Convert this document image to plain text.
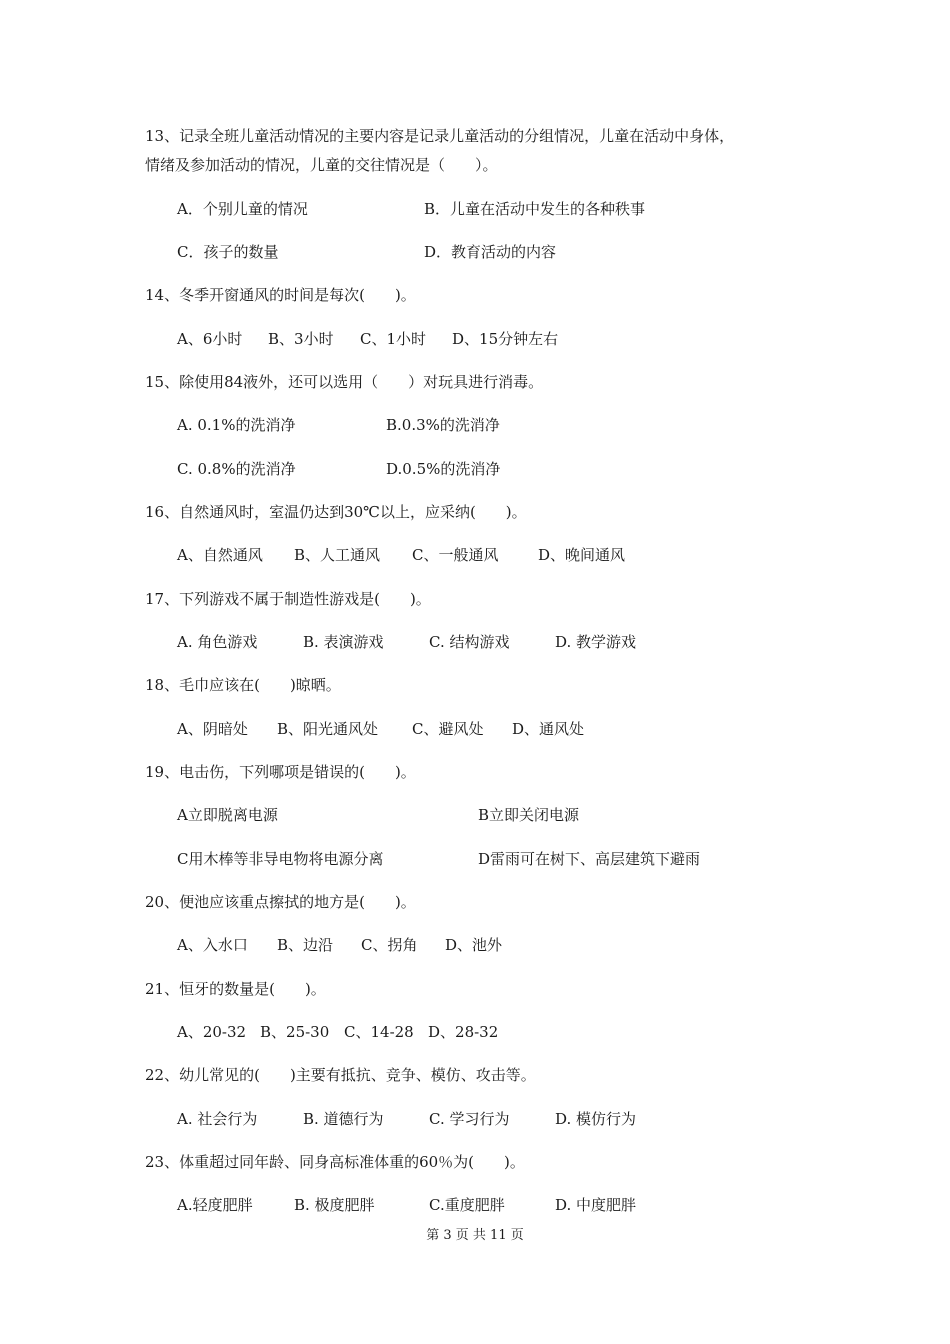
13、记录全班儿童活动情况的主要内容是记录儿童活动的分组情况，儿童在活动中身体，
情绪及参加活动的情况，儿童的交往情况是（　　）。
A．个别儿童的情况	B．儿童在活动中发生的各种秩事
C．孩子的数量	D．教育活动的内容
14、冬季开窗通风的时间是每次(　　)。
A、6小时 B、3小时 C、1小时 D、15分钟左右
15、除使用84液外，还可以选用（　　）对玩具进行消毒。
A. 0.1%的洗消净	B.0.3%的洗消净
C. 0.8%的洗消净	D.0.5%的洗消净
16、自然通风时，室温仍达到30℃以上，应采纳(　　)。
A、自然通风 B、人工通风 C、一般通风	D、晚间通风
17、下列游戏不属于制造性游戏是(　　)。
A. 角色游戏	B. 表演游戏	C. 结构游戏	D. 教学游戏
18、毛巾应该在(　　)晾晒。
A、阴暗处 B、阳光通风处 C、避风处 D、通风处
19、电击伤，下列哪项是错误的(　　)。
A立即脱离电源	B立即关闭电源
C用木棒等非导电物将电源分离	D雷雨可在树下、高层建筑下避雨
20、便池应该重点擦拭的地方是(　　)。
A、入水口 B、边沿 C、拐角 D、池外
21、恒牙的数量是(　　)。
A、20-32 B、25-30 C、14-28 D、28-32
22、幼儿常见的(　　)主要有抵抗、竞争、模仿、攻击等。
A. 社会行为	B. 道德行为	C. 学习行为	D. 模仿行为
23、体重超过同年龄、同身高标准体重的60％为(　　)。
A.轻度肥胖	B. 极度肥胖	C.重度肥胖	D. 中度肥胖
第 3 页 共 11 页
